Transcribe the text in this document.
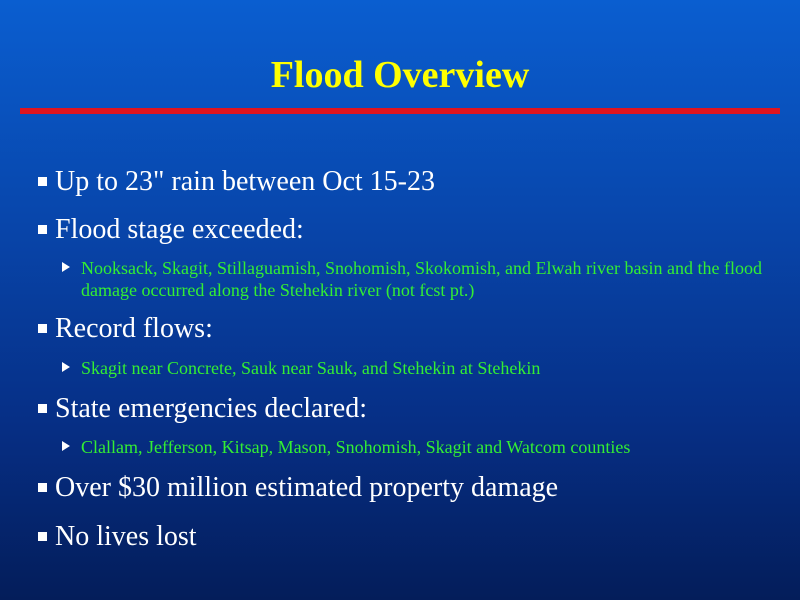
Flood Overview
Up to 23" rain between Oct 15-23
Flood stage exceeded:
Nooksack, Skagit, Stillaguamish, Snohomish, Skokomish, and Elwah river basin and the flood damage occurred along the Stehekin river (not fcst pt.)
Record flows:
Skagit near Concrete, Sauk near Sauk, and Stehekin at Stehekin
State emergencies declared:
Clallam, Jefferson, Kitsap, Mason, Snohomish, Skagit and Watcom counties
Over $30 million estimated property damage
No lives lost
